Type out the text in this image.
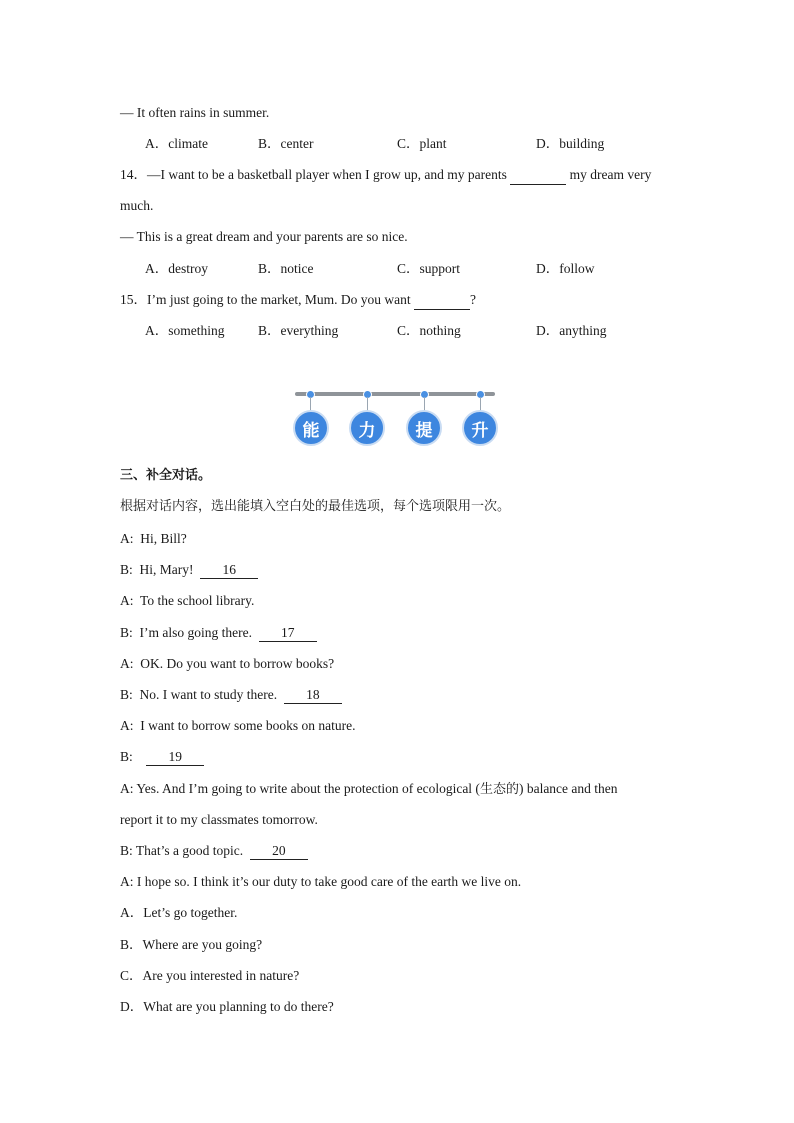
— It often rains in summer.
A．climate	B．center	C．plant	D．building
14．—I want to be a basketball player when I grow up, and my parents	my dream very
much.
— This is a great dream and your parents are so nice.
A．destroy	B．notice	C．support	D．follow
15．I’m just going to the market, Mum. Do you want	?
A．something B．everything	C．nothing	D．anything
能	力	提	升
三、补全对话。
根据对话内容，选出能填入空白处的最佳选项，每个选项限用一次。
A: Hi, Bill?
B: Hi, Mary! 16
A: To the school library.
B: I’m also going there. 17
A: OK. Do you want to borrow books?
B: No. I want to study there. 18
A: I want to borrow some books on nature.
B:	19
A: Yes. And I’m going to write about the protection of ecological (生态的) balance and then
report it to my classmates tomorrow.
B: That’s a good topic. 20
A: I hope so. I think it’s our duty to take good care of the earth we live on.
A．Let’s go together.
B．Where are you going?
C．Are you interested in nature?
D．What are you planning to do there?
